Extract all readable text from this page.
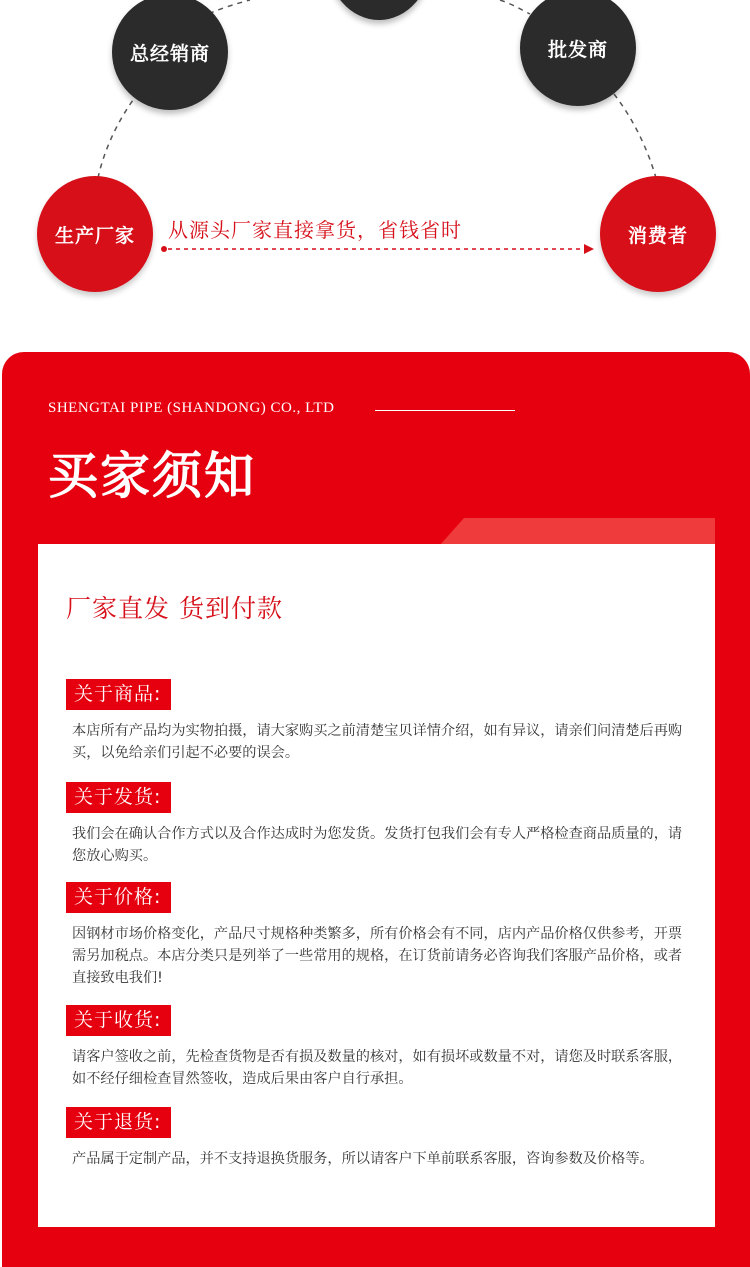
总经销商	批发商
生产厂家	消费者
从源头厂家直接拿货，省钱省时
SHENGTAI PIPE (SHANDONG) CO., LTD
买家须知
厂家直发 货到付款
关于商品:

本店所有产品均为实物拍摄，请大家购买之前清楚宝贝详情介绍，如有异议，请亲们问清楚后再购买，以免给亲们引起不必要的误会。

关于发货:

我们会在确认合作方式以及合作达成时为您发货。发货打包我们会有专人严格检查商品质量的，请您放心购买。

关于价格:

因钢材市场价格变化，产品尺寸规格种类繁多，所有价格会有不同，店内产品价格仅供参考，开票需另加税点。本店分类只是列举了一些常用的规格，在订货前请务必咨询我们客服产品价格，或者直接致电我们!

关于收货:

请客户签收之前，先检查货物是否有损及数量的核对，如有损坏或数量不对，请您及时联系客服，如不经仔细检查冒然签收，造成后果由客户自行承担。

关于退货:

产品属于定制产品，并不支持退换货服务，所以请客户下单前联系客服，咨询参数及价格等。
